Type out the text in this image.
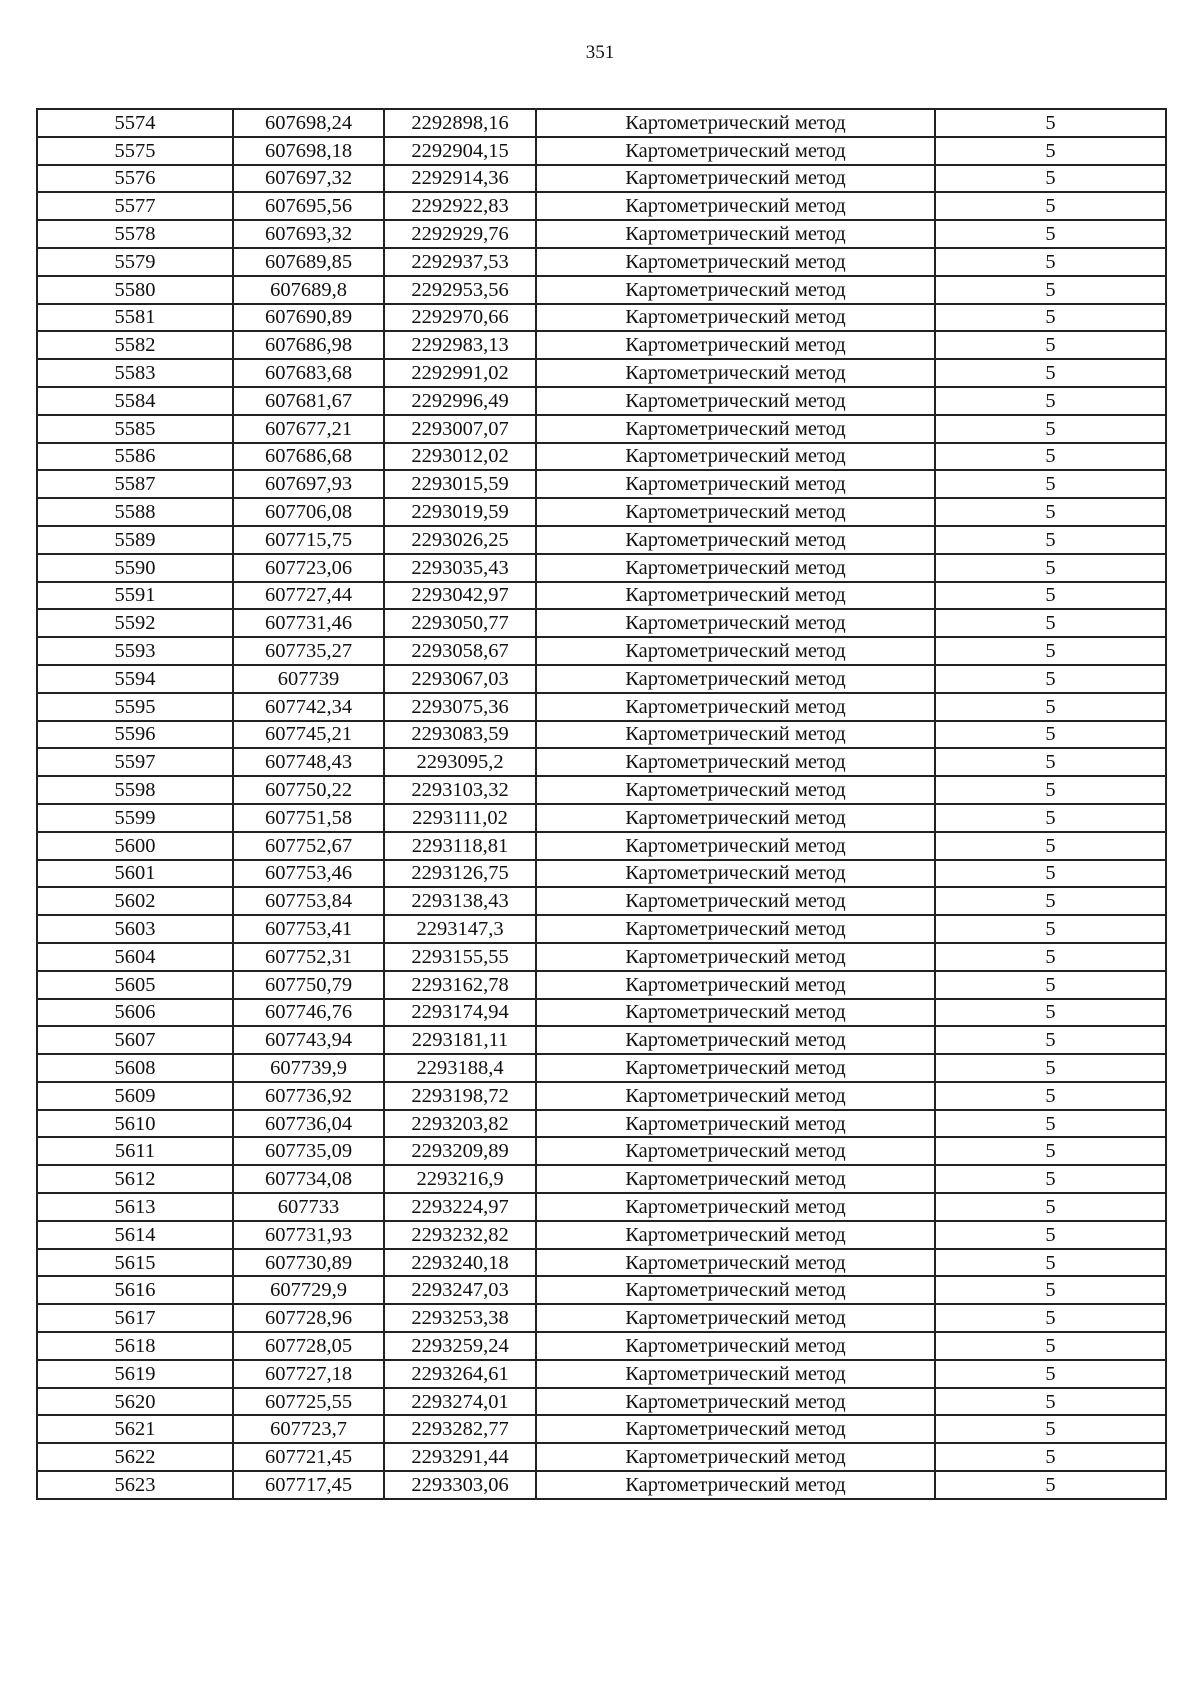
351
5574	607698,24	2292898,16	Картометрический метод	5
5575	607698,18	2292904,15	Картометрический метод	5
5576	607697,32	2292914,36	Картометрический метод	5
5577	607695,56	2292922,83	Картометрический метод	5
5578	607693,32	2292929,76	Картометрический метод	5
5579	607689,85	2292937,53	Картометрический метод	5
5580	607689,8	2292953,56	Картометрический метод	5
5581	607690,89	2292970,66	Картометрический метод	5
5582	607686,98	2292983,13	Картометрический метод	5
5583	607683,68	2292991,02	Картометрический метод	5
5584	607681,67	2292996,49	Картометрический метод	5
5585	607677,21	2293007,07	Картометрический метод	5
5586	607686,68	2293012,02	Картометрический метод	5
5587	607697,93	2293015,59	Картометрический метод	5
5588	607706,08	2293019,59	Картометрический метод	5
5589	607715,75	2293026,25	Картометрический метод	5
5590	607723,06	2293035,43	Картометрический метод	5
5591	607727,44	2293042,97	Картометрический метод	5
5592	607731,46	2293050,77	Картометрический метод	5
5593	607735,27	2293058,67	Картометрический метод	5
5594	607739	2293067,03	Картометрический метод	5
5595	607742,34	2293075,36	Картометрический метод	5
5596	607745,21	2293083,59	Картометрический метод	5
5597	607748,43	2293095,2	Картометрический метод	5
5598	607750,22	2293103,32	Картометрический метод	5
5599	607751,58	2293111,02	Картометрический метод	5
5600	607752,67	2293118,81	Картометрический метод	5
5601	607753,46	2293126,75	Картометрический метод	5
5602	607753,84	2293138,43	Картометрический метод	5
5603	607753,41	2293147,3	Картометрический метод	5
5604	607752,31	2293155,55	Картометрический метод	5
5605	607750,79	2293162,78	Картометрический метод	5
5606	607746,76	2293174,94	Картометрический метод	5
5607	607743,94	2293181,11	Картометрический метод	5
5608	607739,9	2293188,4	Картометрический метод	5
5609	607736,92	2293198,72	Картометрический метод	5
5610	607736,04	2293203,82	Картометрический метод	5
5611	607735,09	2293209,89	Картометрический метод	5
5612	607734,08	2293216,9	Картометрический метод	5
5613	607733	2293224,97	Картометрический метод	5
5614	607731,93	2293232,82	Картометрический метод	5
5615	607730,89	2293240,18	Картометрический метод	5
5616	607729,9	2293247,03	Картометрический метод	5
5617	607728,96	2293253,38	Картометрический метод	5
5618	607728,05	2293259,24	Картометрический метод	5
5619	607727,18	2293264,61	Картометрический метод	5
5620	607725,55	2293274,01	Картометрический метод	5
5621	607723,7	2293282,77	Картометрический метод	5
5622	607721,45	2293291,44	Картометрический метод	5
5623	607717,45	2293303,06	Картометрический метод	5
